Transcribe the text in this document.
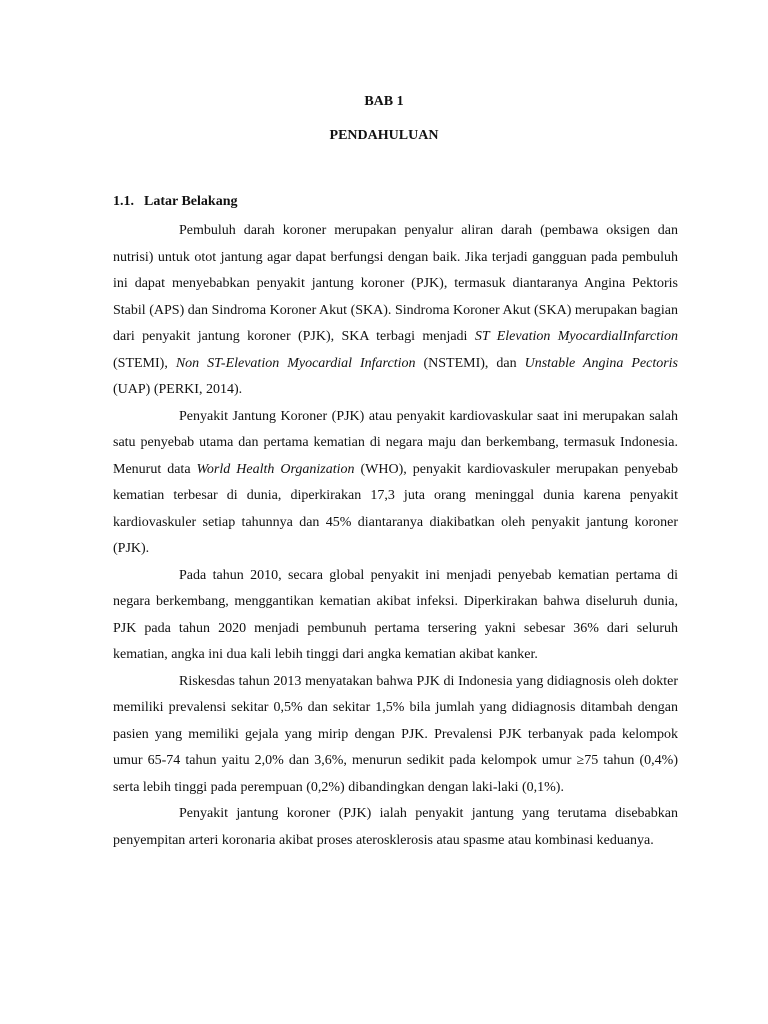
BAB 1
PENDAHULUAN
1.1. Latar Belakang

Pembuluh darah koroner merupakan penyalur aliran darah (pembawa oksigen dan nutrisi) untuk otot jantung agar dapat berfungsi dengan baik. Jika terjadi gangguan pada pembuluh ini dapat menyebabkan penyakit jantung koroner (PJK), termasuk diantaranya Angina Pektoris Stabil (APS) dan Sindroma Koroner Akut (SKA). Sindroma Koroner Akut (SKA) merupakan bagian dari penyakit jantung koroner (PJK), SKA terbagi menjadi ST Elevation MyocardialInfarction (STEMI), Non ST-Elevation Myocardial Infarction (NSTEMI), dan Unstable Angina Pectoris (UAP) (PERKI, 2014).

Penyakit Jantung Koroner (PJK) atau penyakit kardiovaskular saat ini merupakan salah satu penyebab utama dan pertama kematian di negara maju dan berkembang, termasuk Indonesia. Menurut data World Health Organization (WHO), penyakit kardiovaskuler merupakan penyebab kematian terbesar di dunia, diperkirakan 17,3 juta orang meninggal dunia karena penyakit kardiovaskuler setiap tahunnya dan 45% diantaranya diakibatkan oleh penyakit jantung koroner (PJK).

Pada tahun 2010, secara global penyakit ini menjadi penyebab kematian pertama di negara berkembang, menggantikan kematian akibat infeksi. Diperkirakan bahwa diseluruh dunia, PJK pada tahun 2020 menjadi pembunuh pertama tersering yakni sebesar 36% dari seluruh kematian, angka ini dua kali lebih tinggi dari angka kematian akibat kanker.

Riskesdas tahun 2013 menyatakan bahwa PJK di Indonesia yang didiagnosis oleh dokter memiliki prevalensi sekitar 0,5% dan sekitar 1,5% bila jumlah yang didiagnosis ditambah dengan pasien yang memiliki gejala yang mirip dengan PJK. Prevalensi PJK terbanyak pada kelompok umur 65-74 tahun yaitu 2,0% dan 3,6%, menurun sedikit pada kelompok umur ≥75 tahun (0,4%) serta lebih tinggi pada perempuan (0,2%) dibandingkan dengan laki-laki (0,1%).

Penyakit jantung koroner (PJK) ialah penyakit jantung yang terutama disebabkan penyempitan arteri koronaria akibat proses aterosklerosis atau spasme atau kombinasi keduanya.
